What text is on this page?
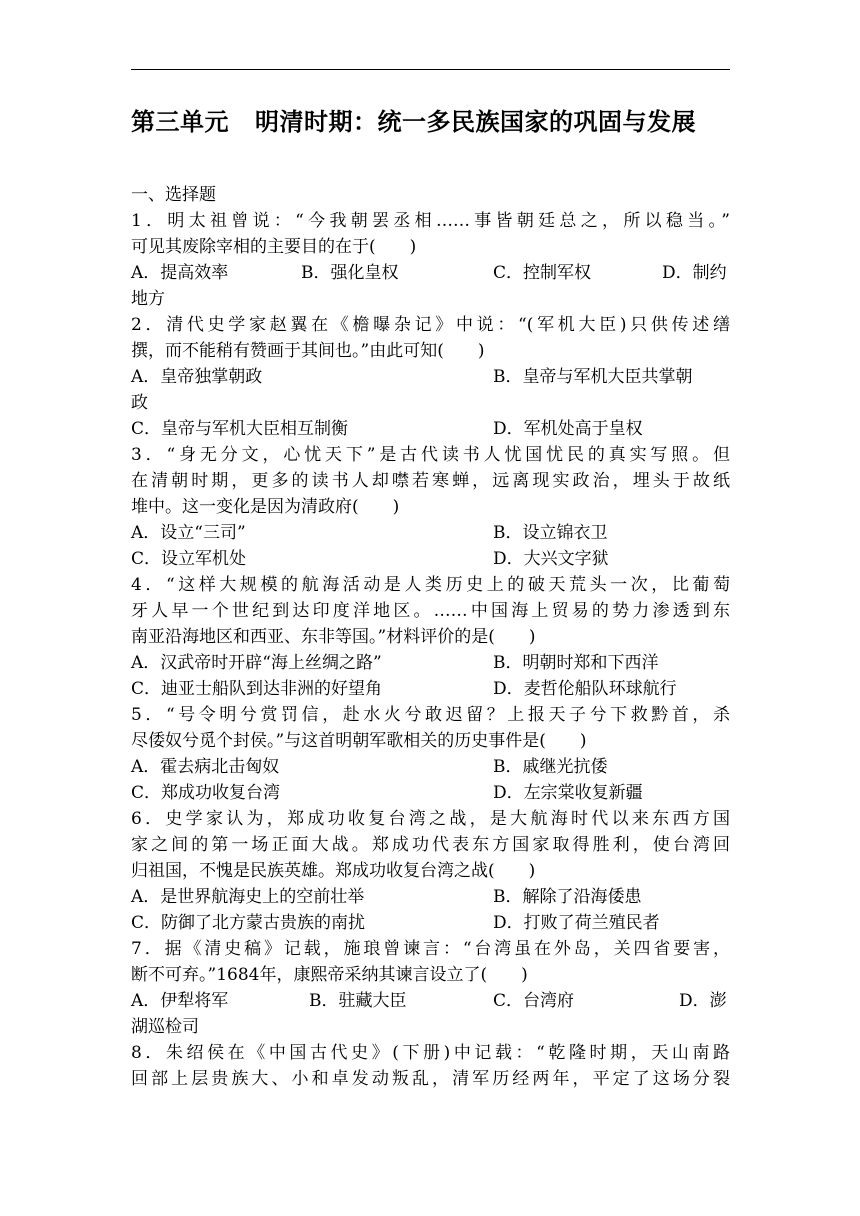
第三单元 明清时期：统一多民族国家的巩固与发展
一、选择题
1．明太祖曾说：“今我朝罢丞相……事皆朝廷总之，所以稳当。”
可见其废除宰相的主要目的在于(　　)
A．提高效率	B．强化皇权	C．控制军权	D．制约
地方
2．清代史学家赵翼在《檐曝杂记》中说：“(军机大臣)只供传述缮
撰，而不能稍有赞画于其间也。”由此可知(　　)
A．皇帝独掌朝政	B．皇帝与军机大臣共掌朝
政
C．皇帝与军机大臣相互制衡	D．军机处高于皇权
3．“身无分文，心忧天下”是古代读书人忧国忧民的真实写照。但
在清朝时期，更多的读书人却噤若寒蝉，远离现实政治，埋头于故纸
堆中。这一变化是因为清政府(　　)
A．设立“三司”	B．设立锦衣卫
C．设立军机处	D．大兴文字狱
4．“这样大规模的航海活动是人类历史上的破天荒头一次，比葡萄
牙人早一个世纪到达印度洋地区。……中国海上贸易的势力渗透到东
南亚沿海地区和西亚、东非等国。”材料评价的是(　　)
A．汉武帝时开辟“海上丝绸之路”	B．明朝时郑和下西洋
C．迪亚士船队到达非洲的好望角	D．麦哲伦船队环球航行
5．“号令明兮赏罚信，赴水火兮敢迟留？上报天子兮下救黔首，杀
尽倭奴兮觅个封侯。”与这首明朝军歌相关的历史事件是(　　)
A．霍去病北击匈奴	B．戚继光抗倭
C．郑成功收复台湾	D．左宗棠收复新疆
6．史学家认为，郑成功收复台湾之战，是大航海时代以来东西方国
家之间的第一场正面大战。郑成功代表东方国家取得胜利，使台湾回
归祖国，不愧是民族英雄。郑成功收复台湾之战(　　)
A．是世界航海史上的空前壮举	B．解除了沿海倭患
C．防御了北方蒙古贵族的南扰	D．打败了荷兰殖民者
7．据《清史稿》记载，施琅曾谏言：“台湾虽在外岛，关四省要害，
断不可弃。”1684年，康熙帝采纳其谏言设立了(　　)
A．伊犁将军	B．驻藏大臣	C．台湾府	D．澎
湖巡检司
8．朱绍侯在《中国古代史》(下册)中记载：“乾隆时期，天山南路
回部上层贵族大、小和卓发动叛乱，清军历经两年，平定了这场分裂
